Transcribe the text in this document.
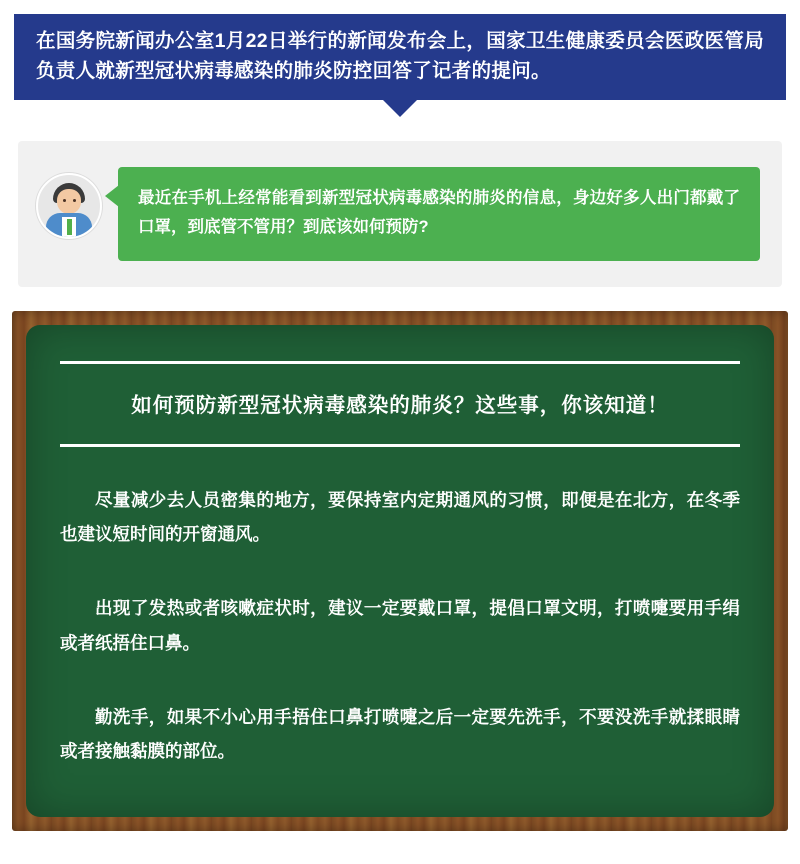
在国务院新闻办公室1月22日举行的新闻发布会上，国家卫生健康委员会医政医管局负责人就新型冠状病毒感染的肺炎防控回答了记者的提问。
最近在手机上经常能看到新型冠状病毒感染的肺炎的信息，身边好多人出门都戴了口罩，到底管不管用？到底该如何预防?
如何预防新型冠状病毒感染的肺炎？这些事，你该知道！

尽量减少去人员密集的地方，要保持室内定期通风的习惯，即便是在北方，在冬季也建议短时间的开窗通风。

出现了发热或者咳嗽症状时，建议一定要戴口罩，提倡口罩文明，打喷嚏要用手绢或者纸捂住口鼻。

勤洗手，如果不小心用手捂住口鼻打喷嚏之后一定要先洗手，不要没洗手就揉眼睛或者接触黏膜的部位。
